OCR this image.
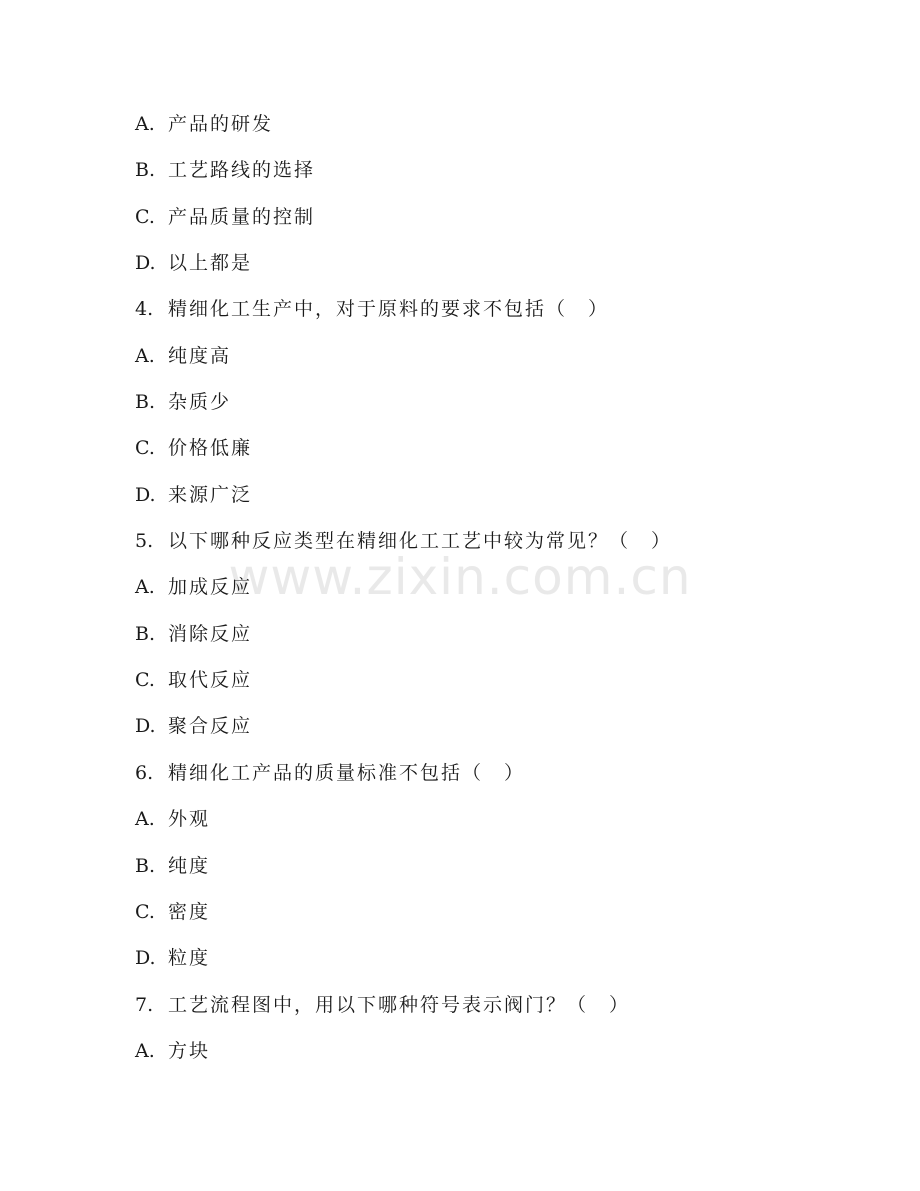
A. 产品的研发
B. 工艺路线的选择
C. 产品质量的控制
D. 以上都是
4. 精细化工生产中，对于原料的要求不包括（　）
A. 纯度高
B. 杂质少
C. 价格低廉
D. 来源广泛
5. 以下哪种反应类型在精细化工工艺中较为常见？（　）
A. 加成反应
B. 消除反应
C. 取代反应
D. 聚合反应
6. 精细化工产品的质量标准不包括（　）
A. 外观
B. 纯度
C. 密度
D. 粒度
7. 工艺流程图中，用以下哪种符号表示阀门？（　）
A. 方块
www.zixin.com.cn
